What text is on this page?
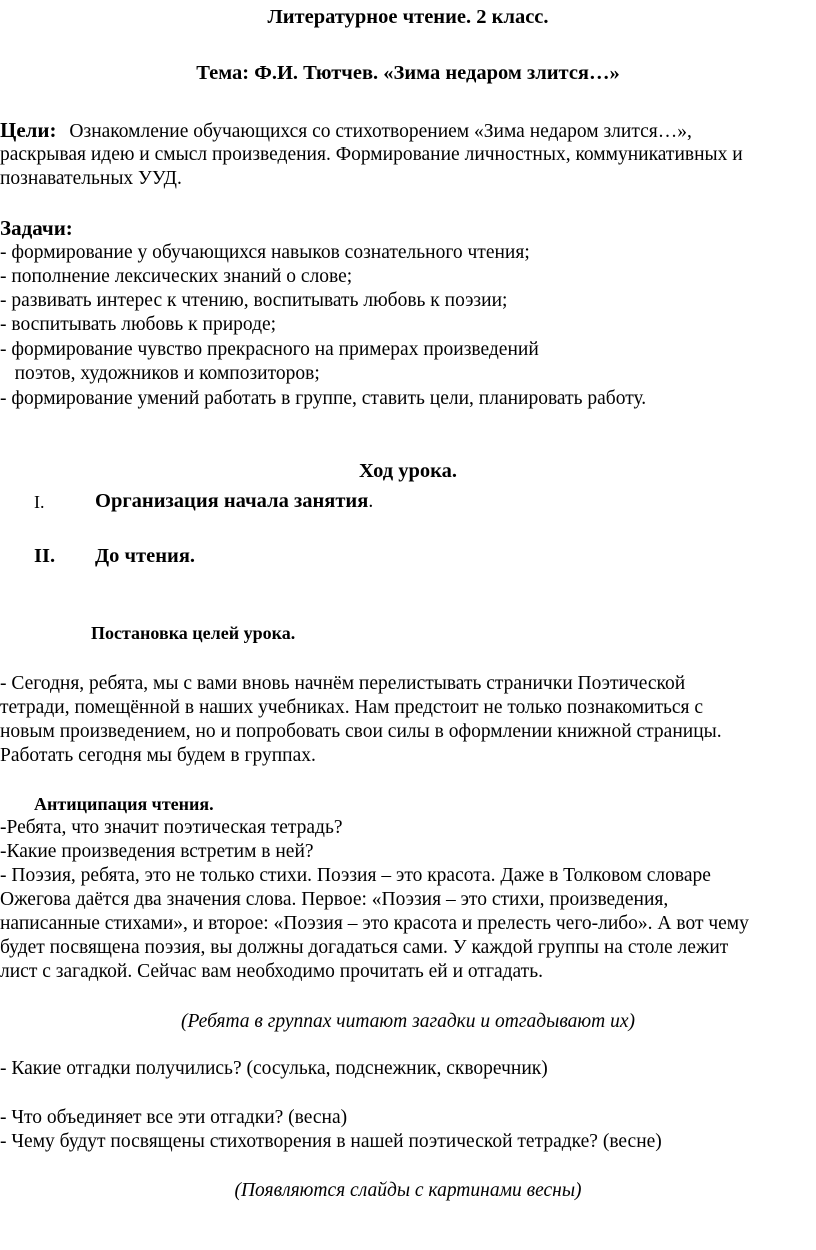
Литературное чтение. 2 класс.
Тема: Ф.И. Тютчев. «Зима недаром злится…»
Цели: Ознакомление обучающихся со стихотворением «Зима недаром злится…»,
раскрывая идею и смысл произведения. Формирование личностных, коммуникативных и
познавательных УУД.
Задачи:
- формирование у обучающихся навыков сознательного чтения;
- пополнение лексических знаний о слове;
- развивать интерес к чтению, воспитывать любовь к поэзии;
- воспитывать любовь к природе;
- формирование чувство прекрасного на примерах произведений
поэтов, художников и композиторов;
- формирование умений работать в группе, ставить цели, планировать работу.
Ход урока.
I. Организация начала занятия.
II. До чтения.
Постановка целей урока.
- Сегодня, ребята, мы с вами вновь начнём перелистывать странички Поэтической
тетради, помещённой в наших учебниках. Нам предстоит не только познакомиться с
новым произведением, но и попробовать свои силы в оформлении книжной страницы.
Работать сегодня мы будем в группах.
Антиципация чтения.
-Ребята, что значит поэтическая тетрадь?
-Какие произведения встретим в ней?
- Поэзия, ребята, это не только стихи. Поэзия – это красота. Даже в Толковом словаре
Ожегова даётся два значения слова. Первое: «Поэзия – это стихи, произведения,
написанные стихами», и второе: «Поэзия – это красота и прелесть чего-либо». А вот чему
будет посвящена поэзия, вы должны догадаться сами. У каждой группы на столе лежит
лист с загадкой. Сейчас вам необходимо прочитать ей и отгадать.
(Ребята в группах читают загадки и отгадывают их)
- Какие отгадки получились? (сосулька, подснежник, скворечник)
- Что объединяет все эти отгадки? (весна)
- Чему будут посвящены стихотворения в нашей поэтической тетрадке? (весне)
(Появляются слайды с картинами весны)
